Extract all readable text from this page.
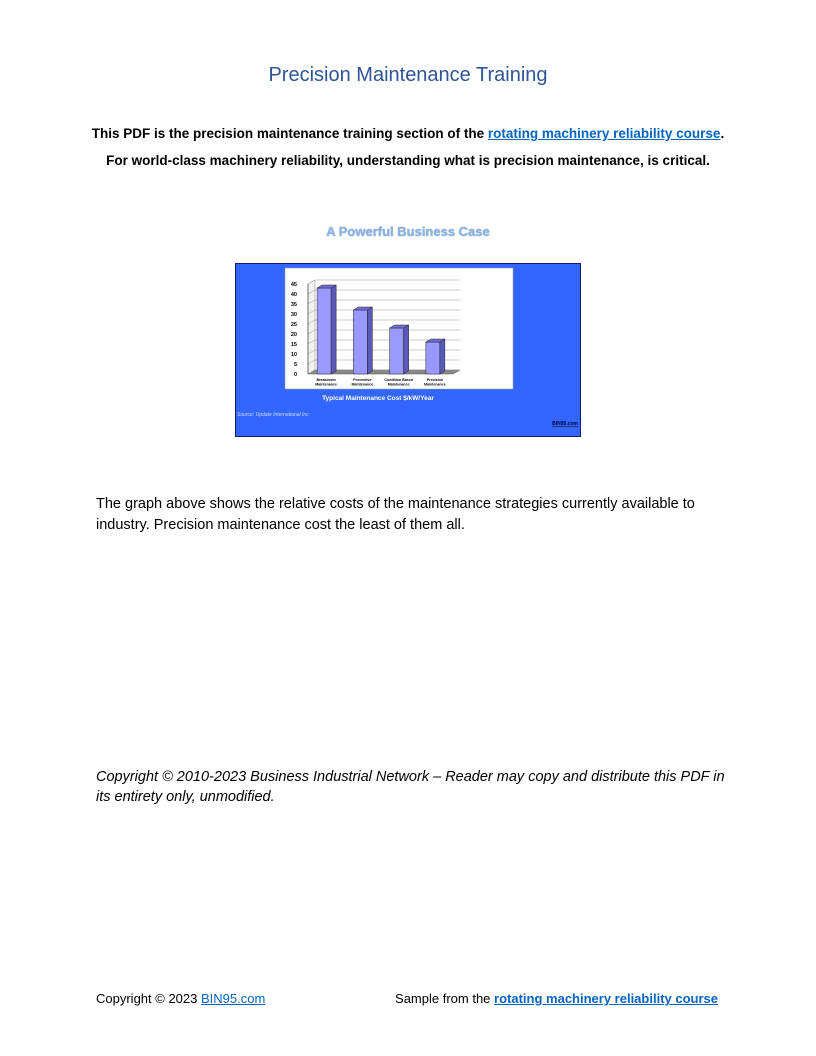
Precision Maintenance Training
This PDF is the precision maintenance training section of the rotating machinery reliability course. For world-class machinery reliability, understanding what is precision maintenance, is critical.
A Powerful Business Case
0
5
10
15
20
25
30
35
40
45
Breakdown
Maintenance
Preventive
Maintenance
Condition Based
Maintenance
Precision
Maintenance
Typical Maintenance Cost $/kW/Year
Source: Update International Inc
BIN95.com
The graph above shows the relative costs of the maintenance strategies currently available to industry. Precision maintenance cost the least of them all.
Copyright © 2010-2023 Business Industrial Network – Reader may copy and distribute this PDF in its entirety only, unmodified.
Copyright © 2023 BIN95.com	Sample from the rotating machinery reliability course
